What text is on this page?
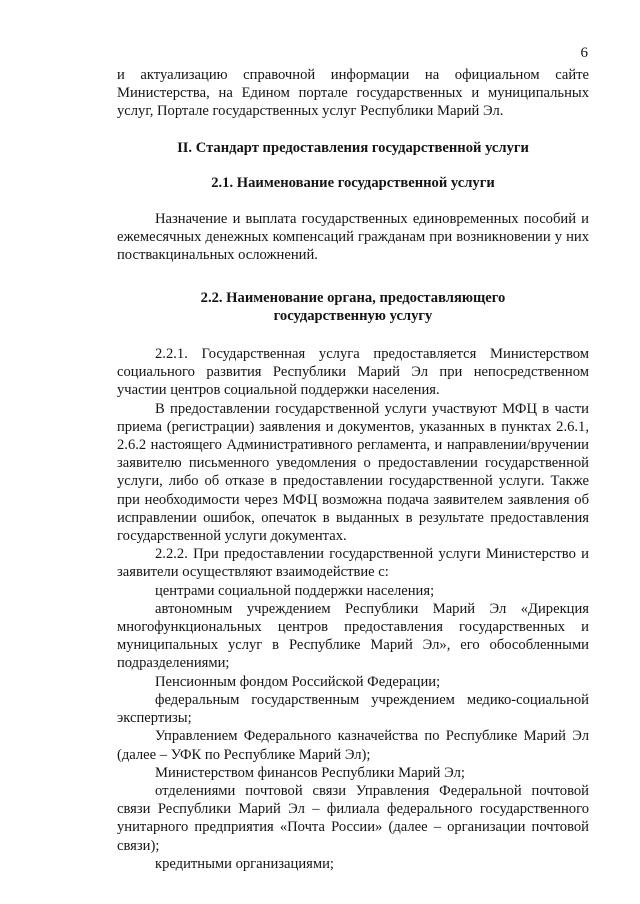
6

и актуализацию справочной информации на официальном сайте Министерства, на Едином портале государственных и муниципальных услуг, Портале государственных услуг Республики Марий Эл.

II. Стандарт предоставления государственной услуги

2.1. Наименование государственной услуги

Назначение и выплата государственных единовременных пособий и ежемесячных денежных компенсаций гражданам при возникновении у них поствакцинальных осложнений.

2.2. Наименование органа, предоставляющего

государственную услугу

2.2.1. Государственная услуга предоставляется Министерством социального развития Республики Марий Эл при непосредственном участии центров социальной поддержки населения.

В предоставлении государственной услуги участвуют МФЦ в части приема (регистрации) заявления и документов, указанных в пунктах 2.6.1, 2.6.2 настоящего Административного регламента, и направлении/вручении заявителю письменного уведомления о предоставлении государственной услуги, либо об отказе в предоставлении государственной услуги. Также при необходимости через МФЦ возможна подача заявителем заявления об исправлении ошибок, опечаток в выданных в результате предоставления государственной услуги документах.

2.2.2. При предоставлении государственной услуги Министерство и заявители осуществляют взаимодействие с:

центрами социальной поддержки населения;

автономным учреждением Республики Марий Эл «Дирекция многофункциональных центров предоставления государственных и муниципальных услуг в Республике Марий Эл», его обособленными подразделениями;

Пенсионным фондом Российской Федерации;

федеральным государственным учреждением медико-социальной экспертизы;

Управлением Федерального казначейства по Республике Марий Эл (далее – УФК по Республике Марий Эл);

Министерством финансов Республики Марий Эл;

отделениями почтовой связи Управления Федеральной почтовой связи Республики Марий Эл – филиала федерального государственного унитарного предприятия «Почта России» (далее – организации почтовой связи);

кредитными организациями;
